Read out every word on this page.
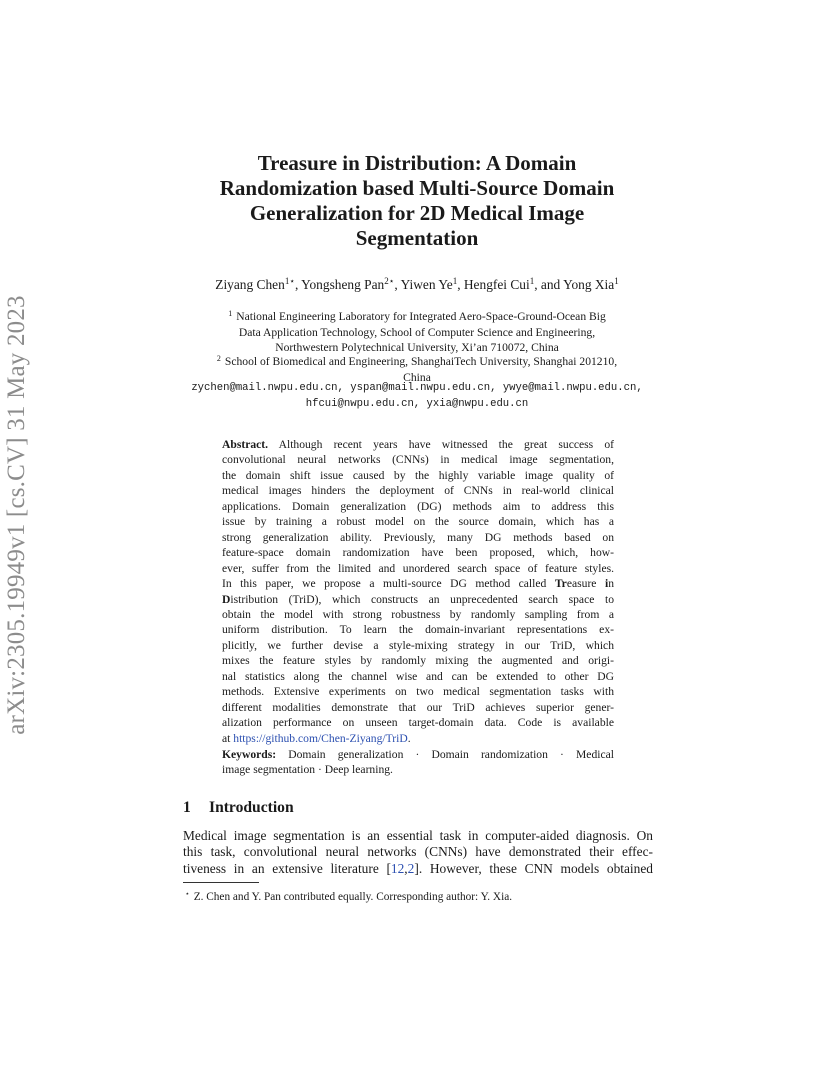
arXiv:2305.19949v1 [cs.CV] 31 May 2023
Treasure in Distribution: A Domain
Randomization based Multi-Source Domain
Generalization for 2D Medical Image
Segmentation
Ziyang Chen$^{1⋆}$, Yongsheng Pan$^{2⋆}$, Yiwen Ye$^1$, Hengfei Cui$^1$, and Yong Xia$^1$
$^1$ National Engineering Laboratory for Integrated Aero-Space-Ground-Ocean Big
Data Application Technology, School of Computer Science and Engineering,
Northwestern Polytechnical University, Xi’an 710072, China
$^2$ School of Biomedical and Engineering, ShanghaiTech University, Shanghai 201210,
China
zychen@mail.nwpu.edu.cn, yspan@mail.nwpu.edu.cn, ywye@mail.nwpu.edu.cn,
hfcui@nwpu.edu.cn, yxia@nwpu.edu.cn
Abstract. Although recent years have witnessed the great success of
convolutional neural networks (CNNs) in medical image segmentation,
the domain shift issue caused by the highly variable image quality of
medical images hinders the deployment of CNNs in real-world clinical
applications. Domain generalization (DG) methods aim to address this
issue by training a robust model on the source domain, which has a
strong generalization ability. Previously, many DG methods based on
feature-space domain randomization have been proposed, which, how-
ever, suffer from the limited and unordered search space of feature styles.
In this paper, we propose a multi-source DG method called Treasure in
Distribution (TriD), which constructs an unprecedented search space to
obtain the model with strong robustness by randomly sampling from a
uniform distribution. To learn the domain-invariant representations ex-
plicitly, we further devise a style-mixing strategy in our TriD, which
mixes the feature styles by randomly mixing the augmented and origi-
nal statistics along the channel wise and can be extended to other DG
methods. Extensive experiments on two medical segmentation tasks with
different modalities demonstrate that our TriD achieves superior gener-
alization performance on unseen target-domain data. Code is available
at https://github.com/Chen-Ziyang/TriD.
Keywords: Domain generalization · Domain randomization · Medical
image segmentation · Deep learning.
1 Introduction
Medical image segmentation is an essential task in computer-aided diagnosis. On
this task, convolutional neural networks (CNNs) have demonstrated their effec-
tiveness in an extensive literature [12,2]. However, these CNN models obtained
⋆ Z. Chen and Y. Pan contributed equally. Corresponding author: Y. Xia.
